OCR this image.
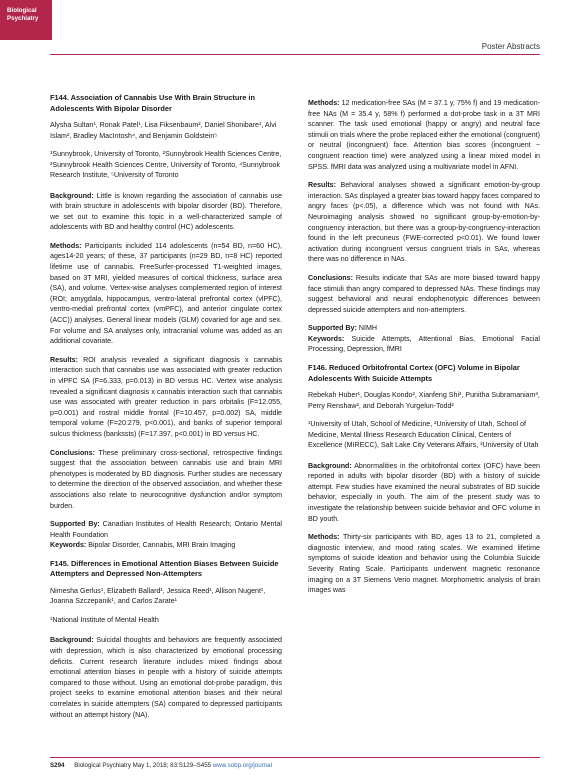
Biological
Psychiatry
Poster Abstracts
F144. Association of Cannabis Use With Brain Structure in Adolescents With Bipolar Disorder
Alysha Sultan¹, Ronak Patel¹, Lisa Fiksenbaum², Daniel Shonibare¹, Alvi Islam², Bradley MacIntosh⁴, and Benjamin Goldstein⁵
¹Sunnybrook, University of Toronto, ²Sunnybrook Health Sciences Centre, ³Sunnybrook Health Sciences Centre, University of Toronto, ⁴Sunnybrook Research Institute, ⁵University of Toronto

Background: Little is known regarding the association of cannabis use with brain structure in adolescents with bipolar disorder (BD). Therefore, we set out to examine this topic in a well-characterized sample of adolescents with BD and healthy control (HC) adolescents.

Methods: Participants included 114 adolescents (n=54 BD, n=60 HC), ages14-20 years; of these, 37 participants (n=29 BD, n=8 HC) reported lifetime use of cannabis. FreeSurfer-processed T1-weighted images, based on 3T MRI, yielded measures of cortical thickness, surface area (SA), and volume. Vertex-wise analyses complemented region of interest (ROI; amygdala, hippocampus, ventro-lateral prefrontal cortex (vlPFC), ventro-medial prefrontal cortex (vmPFC), and anterior cingulate cortex (ACC)) analyses. General linear models (GLM) covaried for age and sex. For volume and SA analyses only, intracranial volume was added as an additional covariate.

Results: ROI analysis revealed a significant diagnosis x cannabis interaction such that cannabis use was associated with greater reduction in vlPFC SA (F=6.333, p=0.013) in BD versus HC. Vertex wise analysis revealed a significant diagnosis x cannabis interaction such that cannabis use was associated with greater reduction in pars orbitalis (F=12.055, p=0.001) and rostral middle frontal (F=10.457, p=0.002) SA, middle temporal volume (F=20.279, p<0.001), and banks of superior temporal sulcus thickness (bankssts) (F=17.397, p<0.001) in BD versus HC.

Conclusions: These preliminary cross-sectional, retrospective findings suggest that the association between cannabis use and brain MRI phenotypes is moderated by BD diagnosis. Further studies are necessary to determine the direction of the observed association, and whether these associations also relate to neurocognitive dysfunction and/or symptom burden.

Supported By: Canadian Institutes of Health Research; Ontario Mental Health Foundation

Keywords: Bipolar Disorder, Cannabis, MRI Brain Imaging

F145. Differences in Emotional Attention Biases Between Suicide Attempters and Depressed Non-Attempters
Nimesha Gerlus¹, Elizabeth Ballard¹, Jessica Reed¹, Allison Nugent¹, Joanna Szczepanik¹, and Carlos Zarate¹
¹National Institute of Mental Health

Background: Suicidal thoughts and behaviors are frequently associated with depression, which is also characterized by emotional processing deficits. Current research literature includes mixed findings about emotional attention biases in people with a history of suicide attempts compared to those without. Using an emotional dot-probe paradigm, this project seeks to examine emotional attention biases and their neural correlates in suicide attempters (SA) compared to depressed participants without an attempt history (NA).

Methods: 12 medication-free SAs (M = 37.1 y, 75% f) and 19 medication-free NAs (M = 35.4 y, 58% f) performed a dot-probe task in a 3T MRI scanner. The task used emotional (happy or angry) and neutral face stimuli on trials where the probe replaced either the emotional (congruent) or neutral (incongruent) face. Attention bias scores (incongruent − congruent reaction time) were analyzed using a linear mixed model in SPSS. fMRI data was analyzed using a multivariate model in AFNI.

Results: Behavioral analyses showed a significant emotion-by-group interaction. SAs displayed a greater bias toward happy faces compared to angry faces (p<.05), a difference which was not found with NAs. Neuroimaging analysis showed no significant group-by-emotion-by-congruency interaction, but there was a group-by-congruency-interaction found in the left precuneus (FWE-corrected p<0.01). We found lower activation during incongruent versus congruent trials in SAs, whereas there was no difference in NAs.

Conclusions: Results indicate that SAs are more biased toward happy face stimuli than angry compared to depressed NAs. These findings may suggest behavioral and neural endophenotypic differences between depressed suicide attempters and non-attempters.

Supported By: NIMH

Keywords: Suicide Attempts, Attentional Bias, Emotional Facial Processing, Depression, fMRI

F146. Reduced Orbitofrontal Cortex (OFC) Volume in Bipolar Adolescents With Suicide Attempts
Rebekah Huber¹, Douglas Kondo², Xianfeng Shi³, Punitha Subramaniam³, Perry Renshaw², and Deborah Yurgelun-Todd²
¹University of Utah, School of Medicine, ²University of Utah, School of Medicine, Mental Illness Research Education Clinical, Centers of Excellence (MIRECC), Salt Lake City Veterans Affairs, ³University of Utah

Background: Abnormalities in the orbitofrontal cortex (OFC) have been reported in adults with bipolar disorder (BD) with a history of suicide attempt. Few studies have examined the neural substrates of BD suicide behavior, especially in youth. The aim of the present study was to investigate the relationship between suicide behavior and OFC volume in BD youth.

Methods: Thirty-six participants with BD, ages 13 to 21, completed a diagnostic interview, and mood rating scales. We examined lifetime symptoms of suicide ideation and behavior using the Columbia Suicide Severity Rating Scale. Participants underwent magnetic resonance imaging on a 3T Siemens Verio magnet. Morphometric analysis of brain images was

S294 Biological Psychiatry May 1, 2018; 83:S129–S455 www.sobp.org/journal
